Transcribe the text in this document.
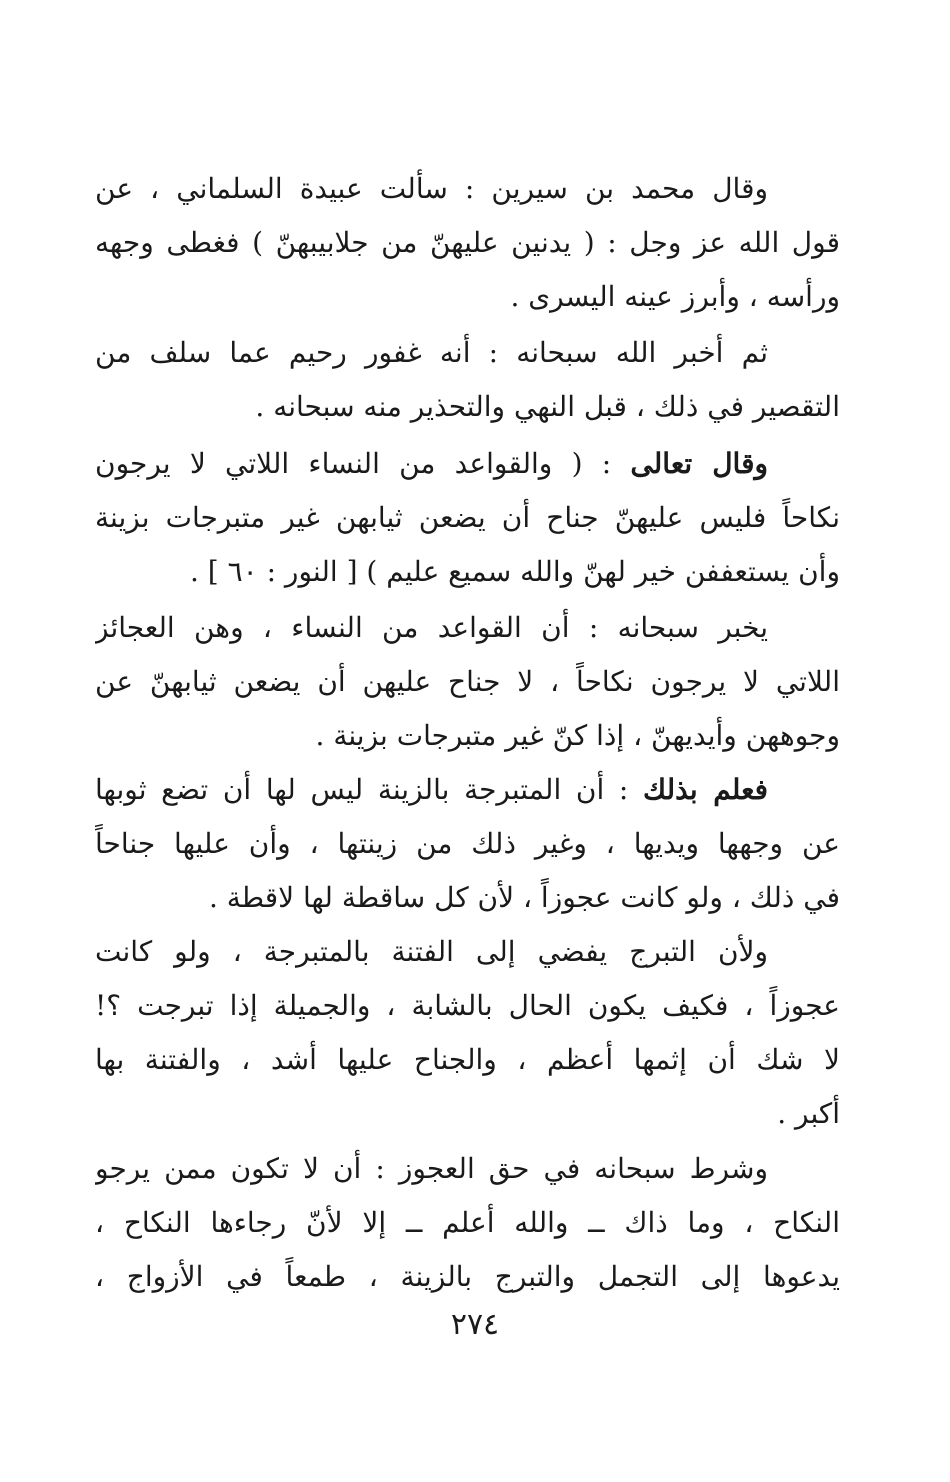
وقال محمد بن سيرين : سألت عبيدة السلماني ، عن
قول الله عز وجل : ( يدنين عليهنّ من جلابيبهنّ ) فغطى وجهه
ورأسه ، وأبرز عينه اليسرى .
ثم أخبر الله سبحانه : أنه غفور رحيم عما سلف من
التقصير في ذلك ، قبل النهي والتحذير منه سبحانه .
وقال تعالى : ( والقواعد من النساء اللاتي لا يرجون
نكاحاً فليس عليهنّ جناح أن يضعن ثيابهن غير متبرجات بزينة
وأن يستعففن خير لهنّ والله سميع عليم ) [ النور : ٦٠ ] .
يخبر سبحانه : أن القواعد من النساء ، وهن العجائز
اللاتي لا يرجون نكاحاً ، لا جناح عليهن أن يضعن ثيابهنّ عن
وجوههن وأيديهنّ ، إذا كنّ غير متبرجات بزينة .
فعلم بذلك : أن المتبرجة بالزينة ليس لها أن تضع ثوبها
عن وجهها ويديها ، وغير ذلك من زينتها ، وأن عليها جناحاً
في ذلك ، ولو كانت عجوزاً ، لأن كل ساقطة لها لاقطة .
ولأن التبرج يفضي إلى الفتنة بالمتبرجة ، ولو كانت
عجوزاً ، فكيف يكون الحال بالشابة ، والجميلة إذا تبرجت ؟!
لا شك أن إثمها أعظم ، والجناح عليها أشد ، والفتنة بها
أكبر .
وشرط سبحانه في حق العجوز : أن لا تكون ممن يرجو
النكاح ، وما ذاك ــ والله أعلم ــ إلا لأنّ رجاءها النكاح ،
يدعوها إلى التجمل والتبرج بالزينة ، طمعاً في الأزواج ،
٢٧٤
